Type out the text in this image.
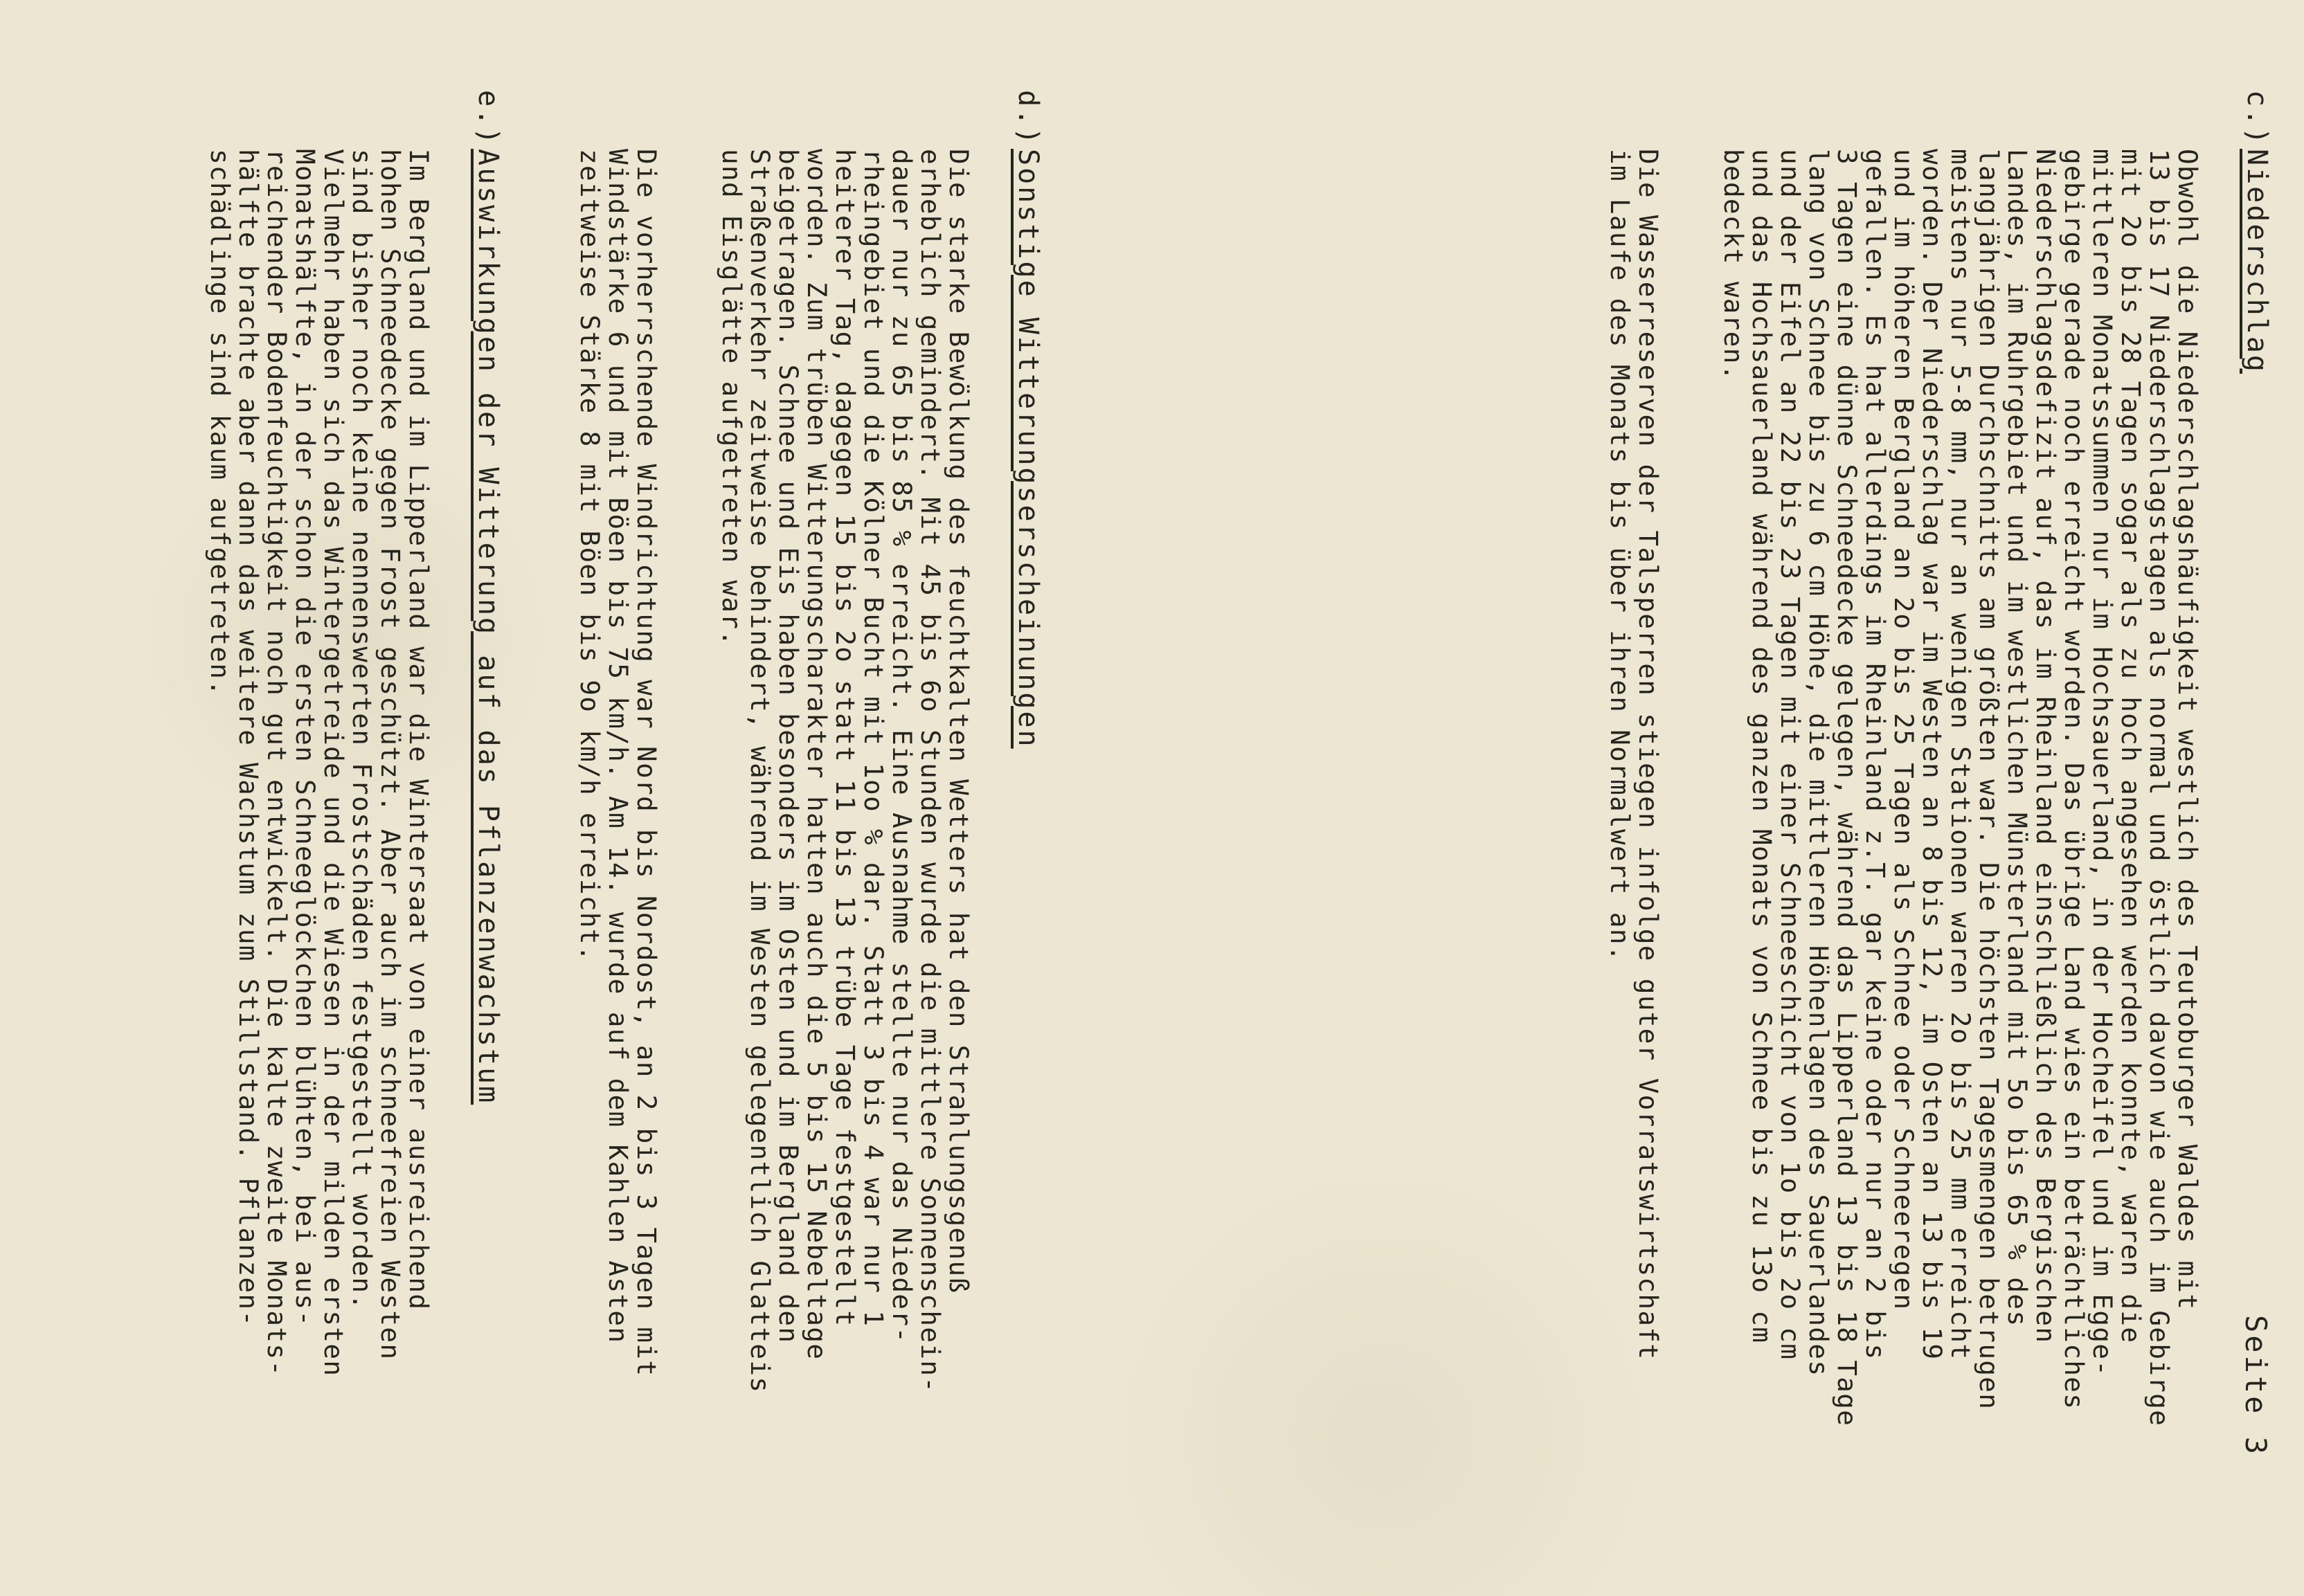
Seite 3

c.)

Niederschlag

Obwohl die Niederschlagshäufigkeit westlich des Teutoburger Waldes mit
13 bis 17 Niederschlagstagen als normal und östlich davon wie auch im Gebirge
mit 2o bis 28 Tagen sogar als zu hoch angesehen werden konnte, waren die
mittleren Monatssummen nur im Hochsauerland, in der Hocheifel und im Egge-
gebirge gerade noch erreicht worden. Das übrige Land wies ein beträchtliches
Niederschlagsdefizit auf, das im Rheinland einschließlich des Bergischen
Landes, im Ruhrgebiet und im westlichen Münsterland mit 5o bis 65 % des
langjährigen Durchschnitts am größten war. Die höchsten Tagesmengen betrugen
meistens nur 5-8 mm, nur an wenigen Stationen waren 2o bis 25 mm erreicht
worden. Der Niederschlag war im Westen an 8 bis 12, im Osten an 13 bis 19
und im höheren Bergland an 2o bis 25 Tagen als Schnee oder Schneeregen
gefallen. Es hat allerdings im Rheinland z.T. gar keine oder nur an 2 bis
3 Tagen eine dünne Schneedecke gelegen, während das Lipperland 13 bis 18 Tage
lang von Schnee bis zu 6 cm Höhe, die mittleren Höhenlagen des Sauerlandes
und der Eifel an 22 bis 23 Tagen mit einer Schneeschicht von 1o bis 2o cm
und das Hochsauerland während des ganzen Monats von Schnee bis zu 13o cm
bedeckt waren.

Die Wasserreserven der Talsperren stiegen infolge guter Vorratswirtschaft
im Laufe des Monats bis über ihren Normalwert an.

d.)

Sonstige Witterungserscheinungen

Die starke Bewölkung des feuchtkalten Wetters hat den Strahlungsgenuß
erheblich gemindert. Mit 45 bis 6o Stunden wurde die mittlere Sonnenschein-
dauer nur zu 65 bis 85 % erreicht. Eine Ausnahme stellte nur das Nieder-
rheingebiet und die Kölner Bucht mit 1oo % dar. Statt 3 bis 4 war nur 1
heiterer Tag, dagegen 15 bis 2o statt 11 bis 13 trübe Tage festgestellt
worden. Zum trüben Witterungscharakter hatten auch die 5 bis 15 Nebeltage
beigetragen. Schnee und Eis haben besonders im Osten und im Bergland den
Straßenverkehr zeitweise behindert, während im Westen gelegentlich Glatteis
und Eisglätte aufgetreten war.

Die vorherrschende Windrichtung war Nord bis Nordost, an 2 bis 3 Tagen mit
Windstärke 6 und mit Böen bis 75 km/h. Am 14. wurde auf dem Kahlen Asten
zeitweise Stärke 8 mit Böen bis 9o km/h erreicht.

e.)

Auswirkungen der Witterung auf das Pflanzenwachstum

Im Bergland und im Lipperland war die Wintersaat von einer ausreichend
hohen Schneedecke gegen Frost geschützt. Aber auch im schneefreien Westen
sind bisher noch keine nennenswerten Frostschäden festgestellt worden.
Vielmehr haben sich das Wintergetreide und die Wiesen in der milden ersten
Monatshälfte, in der schon die ersten Schneeglöckchen blühten, bei aus-
reichender Bodenfeuchtigkeit noch gut entwickelt. Die kalte zweite Monats-
hälfte brachte aber dann das weitere Wachstum zum Stillstand. Pflanzen-
schädlinge sind kaum aufgetreten.
